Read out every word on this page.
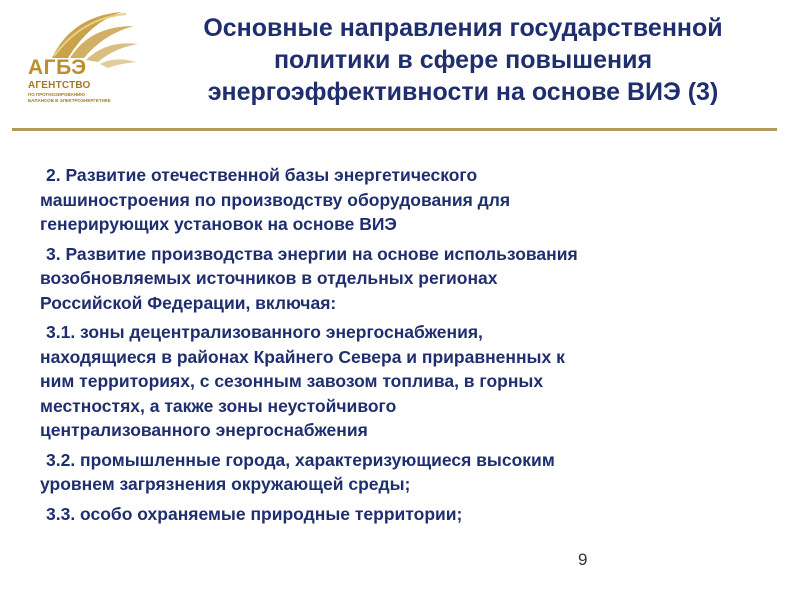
АГБЭ
АГЕНТСТВО
ПО ПРОГНОЗИРОВАНИЮ
БАЛАНСОВ В ЭЛЕКТРОЭНЕРГЕТИКЕ
Основные направления государственной
политики в сфере повышения
энергоэффективности на основе ВИЭ (3)
2. Развитие отечественной базы энергетического
машиностроения по производству оборудования для
генерирующих установок на основе ВИЭ
3. Развитие производства энергии на основе использования
возобновляемых источников в отдельных регионах
Российской Федерации, включая:
3.1. зоны децентрализованного энергоснабжения,
находящиеся в районах Крайнего Севера и приравненных к
ним территориях, с сезонным завозом топлива, в горных
местностях, а также зоны неустойчивого
централизованного энергоснабжения
3.2. промышленные города, характеризующиеся высоким
уровнем загрязнения окружающей среды;
3.3. особо охраняемые природные территории;
9
